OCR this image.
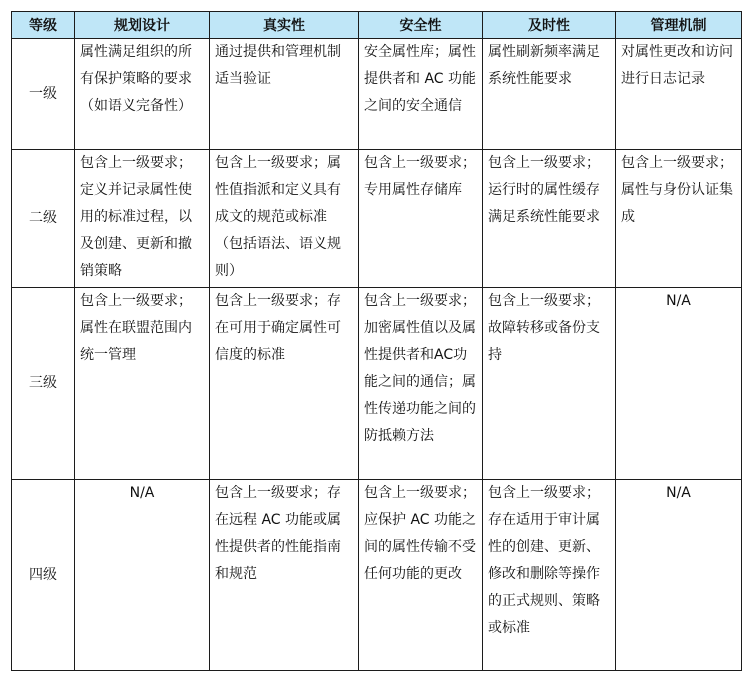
等级	规划设计	真实性	安全性	及时性	管理机制
一级	属性满足组织的所有保护策略的要求（如语义完备性）	通过提供和管理机制适当验证	安全属性库；属性提供者和 AC 功能之间的安全通信	属性刷新频率满足系统性能要求	对属性更改和访问进行日志记录
二级	包含上一级要求；定义并记录属性使用的标准过程，以及创建、更新和撤销策略	包含上一级要求；属性值指派和定义具有成文的规范或标准（包括语法、语义规则）	包含上一级要求；专用属性存储库	包含上一级要求；运行时的属性缓存满足系统性能要求	包含上一级要求；属性与身份认证集成
三级	包含上一级要求；属性在联盟范围内统一管理	包含上一级要求；存在可用于确定属性可信度的标准	包含上一级要求；加密属性值以及属性提供者和AC功能之间的通信；属性传递功能之间的防抵赖方法	包含上一级要求；故障转移或备份支持	N/A
四级	N/A	包含上一级要求；存在远程 AC 功能或属性提供者的性能指南和规范	包含上一级要求；应保护 AC 功能之间的属性传输不受任何功能的更改	包含上一级要求；存在适用于审计属性的创建、更新、修改和删除等操作的正式规则、策略或标准	N/A
